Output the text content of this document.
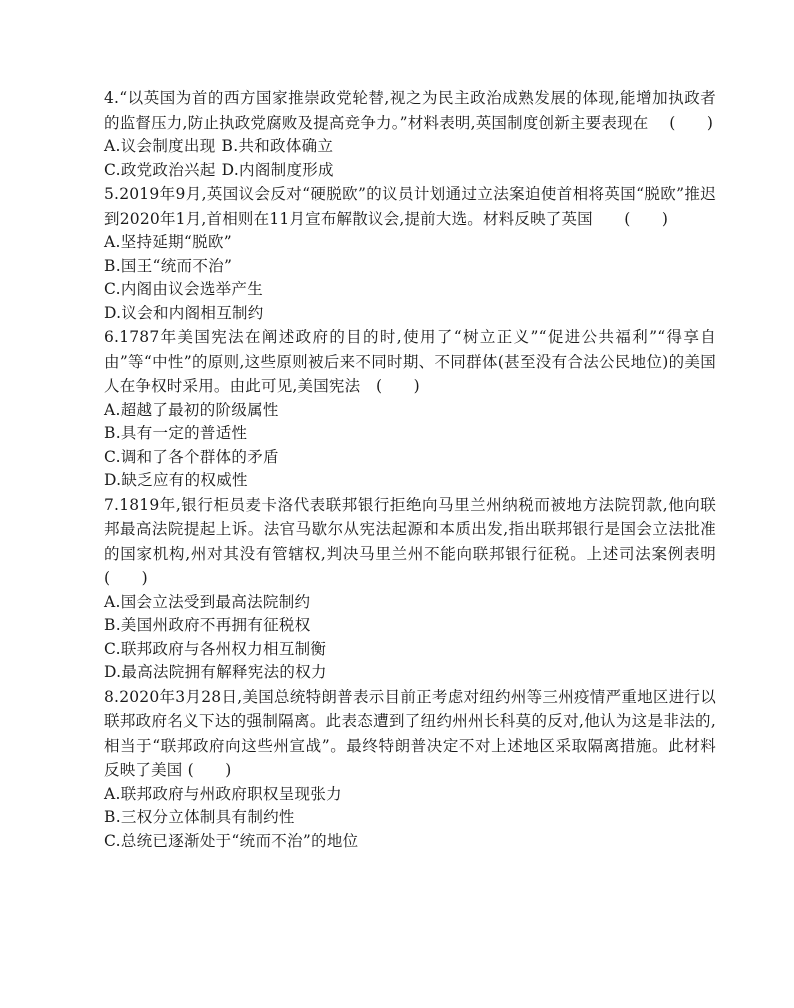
4.“以英国为首的西方国家推崇政党轮替,视之为民主政治成熟发展的体现,能增加执政者的监督压力,防止执政党腐败及提高竞争力。”材料表明,英国制度创新主要表现在 　(　　)

A.议会制度出现 B.共和政体确立
C.政党政治兴起 D.内阁制度形成

5.2019年9月,英国议会反对“硬脱欧”的议员计划通过立法案迫使首相将英国“脱欧”推迟到2020年1月,首相则在11月宣布解散议会,提前大选。材料反映了英国　　(　　)

A.坚持延期“脱欧”

B.国王“统而不治”

C.内阁由议会选举产生

D.议会和内阁相互制约

6.1787年美国宪法在阐述政府的目的时,使用了“树立正义”“促进公共福利”“得享自由”等“中性”的原则,这些原则被后来不同时期、不同群体(甚至没有合法公民地位)的美国人在争权时采用。由此可见,美国宪法　(　　)

A.超越了最初的阶级属性

B.具有一定的普适性

C.调和了各个群体的矛盾

D.缺乏应有的权威性

7.1819年,银行柜员麦卡洛代表联邦银行拒绝向马里兰州纳税而被地方法院罚款,他向联邦最高法院提起上诉。法官马歇尔从宪法起源和本质出发,指出联邦银行是国会立法批准的国家机构,州对其没有管辖权,判决马里兰州不能向联邦银行征税。上述司法案例表明　　(　　)

A.国会立法受到最高法院制约

B.美国州政府不再拥有征税权

C.联邦政府与各州权力相互制衡

D.最高法院拥有解释宪法的权力

8.2020年3月28日,美国总统特朗普表示目前正考虑对纽约州等三州疫情严重地区进行以联邦政府名义下达的强制隔离。此表态遭到了纽约州州长科莫的反对,他认为这是非法的,相当于“联邦政府向这些州宣战”。最终特朗普决定不对上述地区采取隔离措施。此材料反映了美国 (　　)

A.联邦政府与州政府职权呈现张力

B.三权分立体制具有制约性

C.总统已逐渐处于“统而不治”的地位
